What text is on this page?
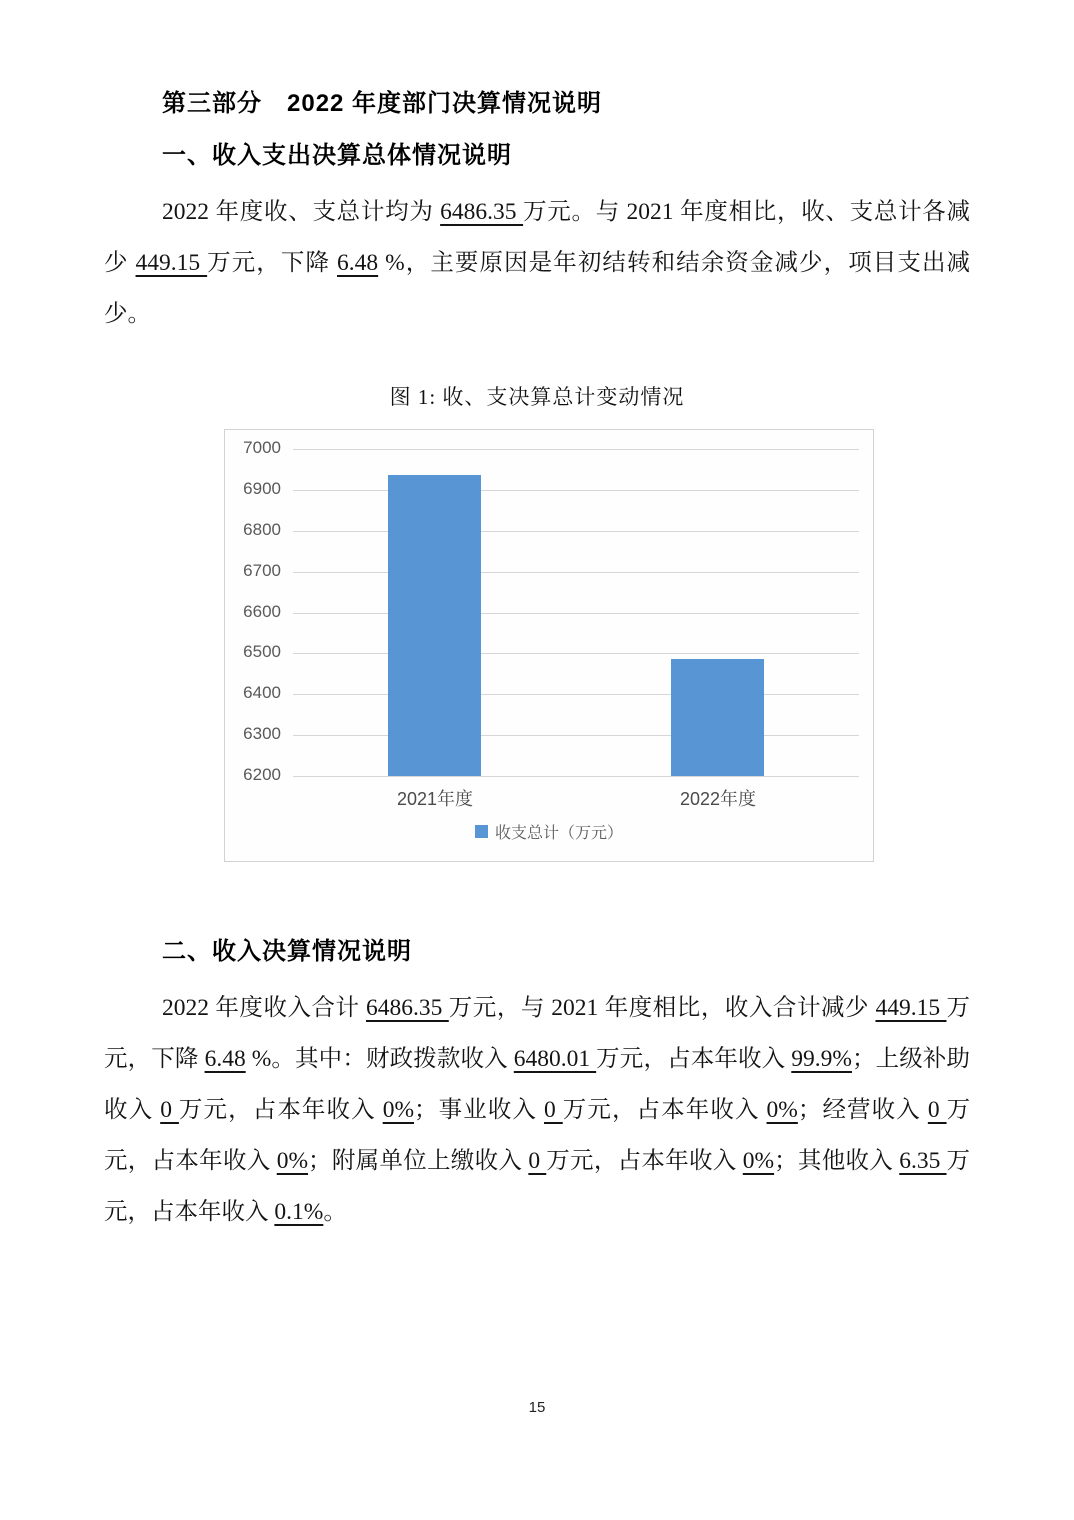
第三部分　2022 年度部门决算情况说明
一、收入支出决算总体情况说明

2022 年度收、支总计均为 6486.35 万元。与 2021 年度相比，收、支总计各减少 449.15 万元，下降 6.48 %，主要原因是年初结转和结余资金减少，项目支出减少。

图 1: 收、支决算总计变动情况
6200
6300
6400
6500
6600
6700
6800
6900
7000
2021年度	2022年度
收支总计（万元）
二、收入决算情况说明

2022 年度收入合计 6486.35 万元，与 2021 年度相比，收入合计减少 449.15 万元，下降 6.48 %。其中：财政拨款收入 6480.01 万元，占本年收入 99.9%；上级补助收入 0 万元，占本年收入 0%；事业收入 0 万元，占本年收入 0%；经营收入 0 万元，占本年收入 0%；附属单位上缴收入 0 万元，占本年收入 0%；其他收入 6.35 万元，占本年收入 0.1%。

15
